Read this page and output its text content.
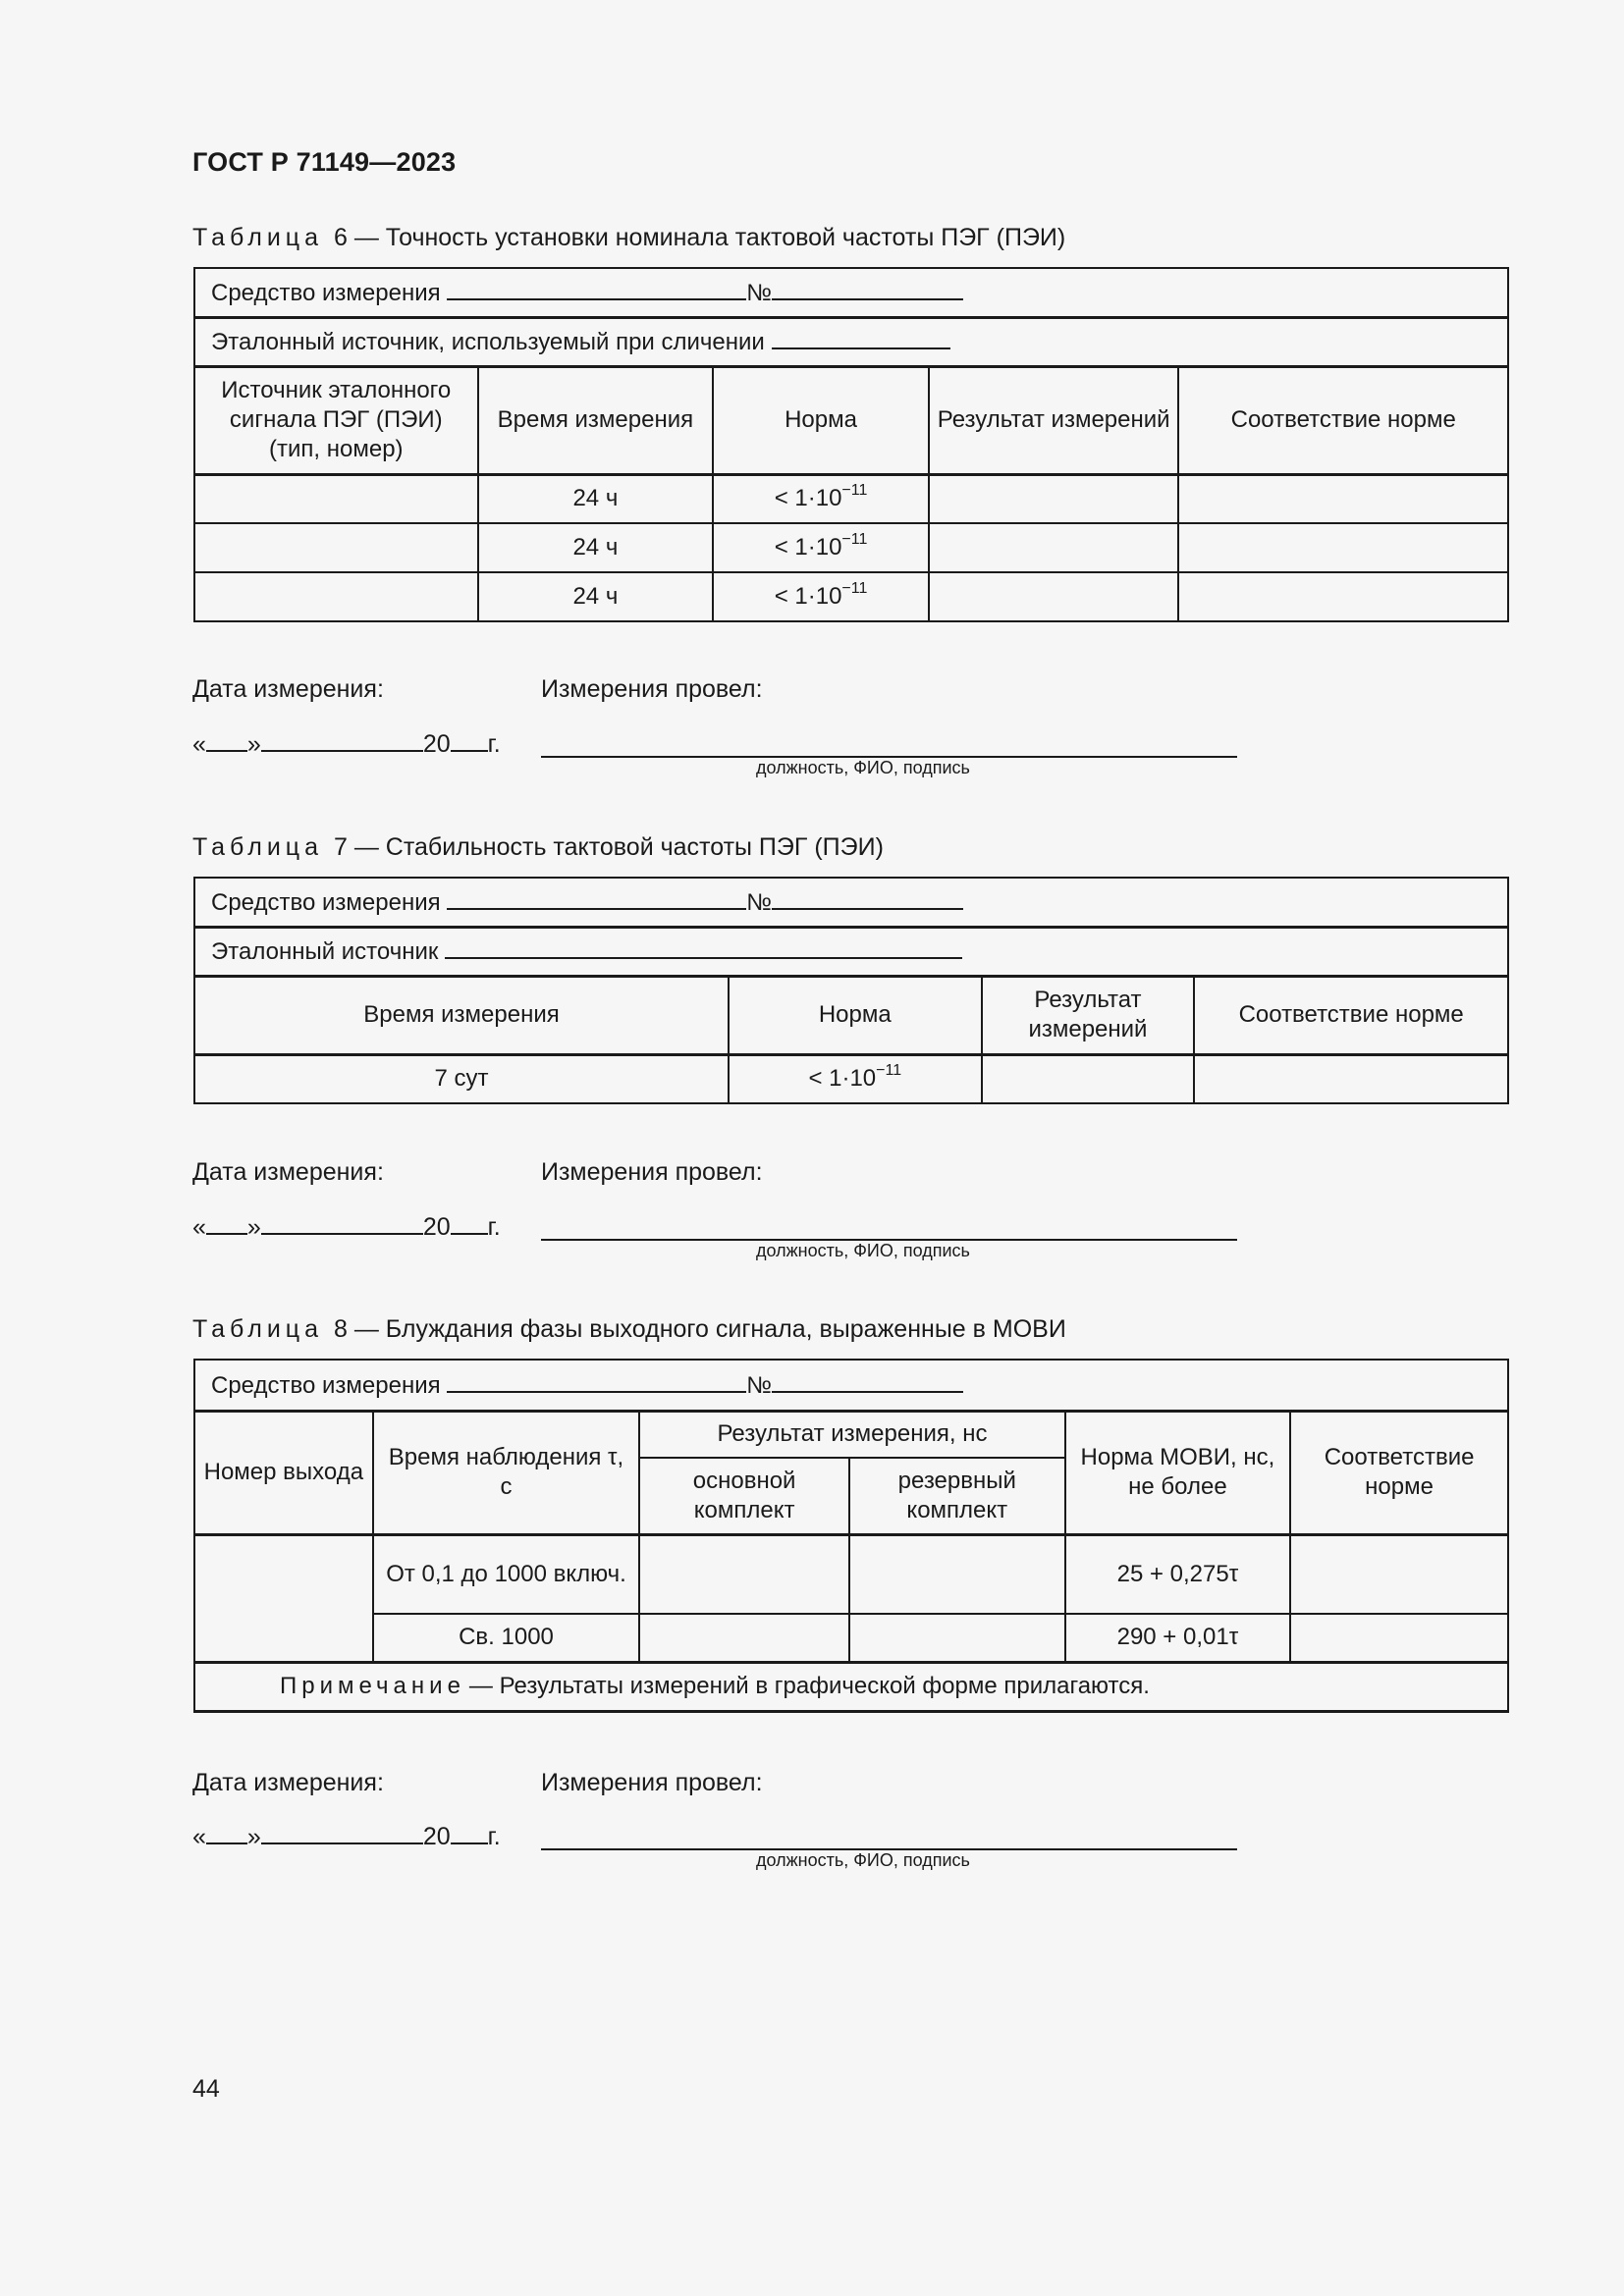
ГОСТ Р 71149—2023
Таблица 6 — Точность установки номинала тактовой частоты ПЭГ (ПЭИ)
Средство измерения №				
Эталонный источник, используемый при сличении				
Источник эталонного сигнала ПЭГ (ПЭИ) (тип, номер)	Время измерения	Норма	Результат измерений	Соответствие норме
	24 ч	< $1\cdot 10^{-11}$		
	24 ч	< $1\cdot 10^{-11}$		
	24 ч	< $1\cdot 10^{-11}$		
Дата измерения:	Измерения провел:
« »	20 г.
должность, ФИО, подпись
Таблица 7 — Стабильность тактовой частоты ПЭГ (ПЭИ)
Средство измерения №			
Эталонный источник			
Время измерения	Норма	Результат измерений	Соответствие норме
7 сут	< $1\cdot 10^{-11}$		
Дата измерения:	Измерения провел:
« »	20 г.
должность, ФИО, подпись
Таблица 8 — Блуждания фазы выходного сигнала, выраженные в МОВИ
Средство измерения №					
Номер выхода	Время наблюдения τ, с	Результат измерения, нс		Норма МОВИ, нс, не более	Соответствие норме
		основной комплект	резервный комплект		
	От 0,1 до 1000 включ.			25 + 0,275τ	
	Св. 1000			290 + 0,01τ	
Примечание — Результаты измерений в графической форме прилагаются.					
Дата измерения:	Измерения провел:
« »	20 г.
должность, ФИО, подпись
44
